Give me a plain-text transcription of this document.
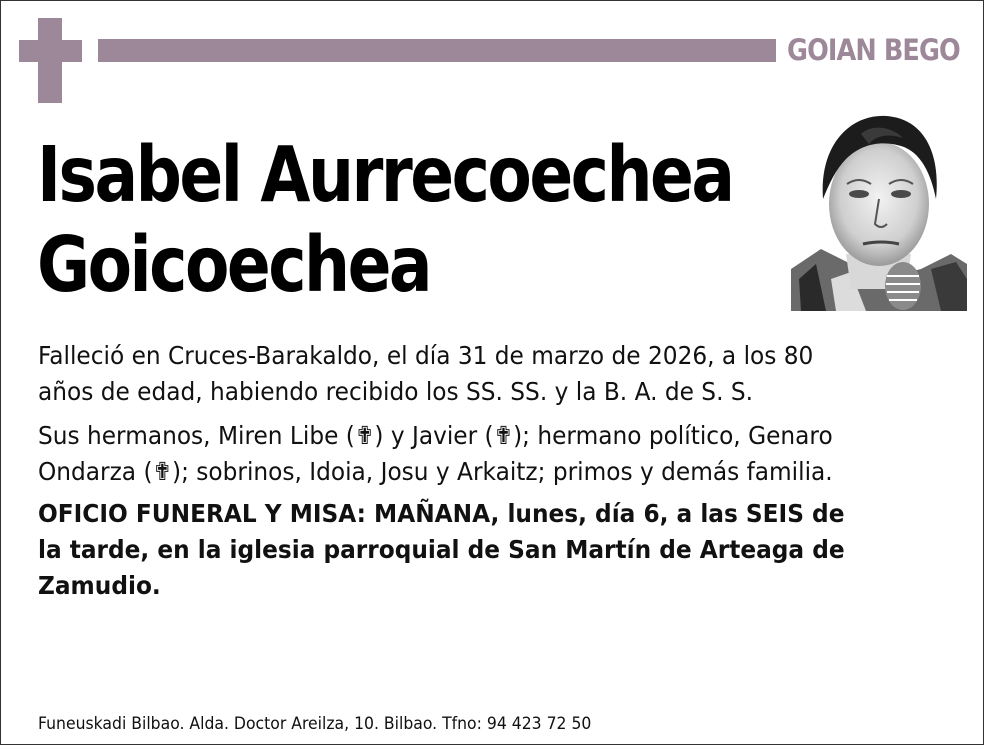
GOIAN BEGO
Isabel Aurrecoechea
Goicoechea

Falleció en Cruces-Barakaldo, el día 31 de marzo de 2026, a los 80 años de edad, habiendo recibido los SS. SS. y la B. A. de S. S.

Sus hermanos, Miren Libe (✟) y Javier (✟); hermano político, Genaro Ondarza (✟); sobrinos, Idoia, Josu y Arkaitz; primos y demás familia.

OFICIO FUNERAL Y MISA: MAÑANA, lunes, día 6, a las SEIS de la tarde, en la iglesia parroquial de San Martín de Arteaga de Zamudio.

Funeuskadi Bilbao. Alda. Doctor Areilza, 10. Bilbao. Tfno: 94 423 72 50
